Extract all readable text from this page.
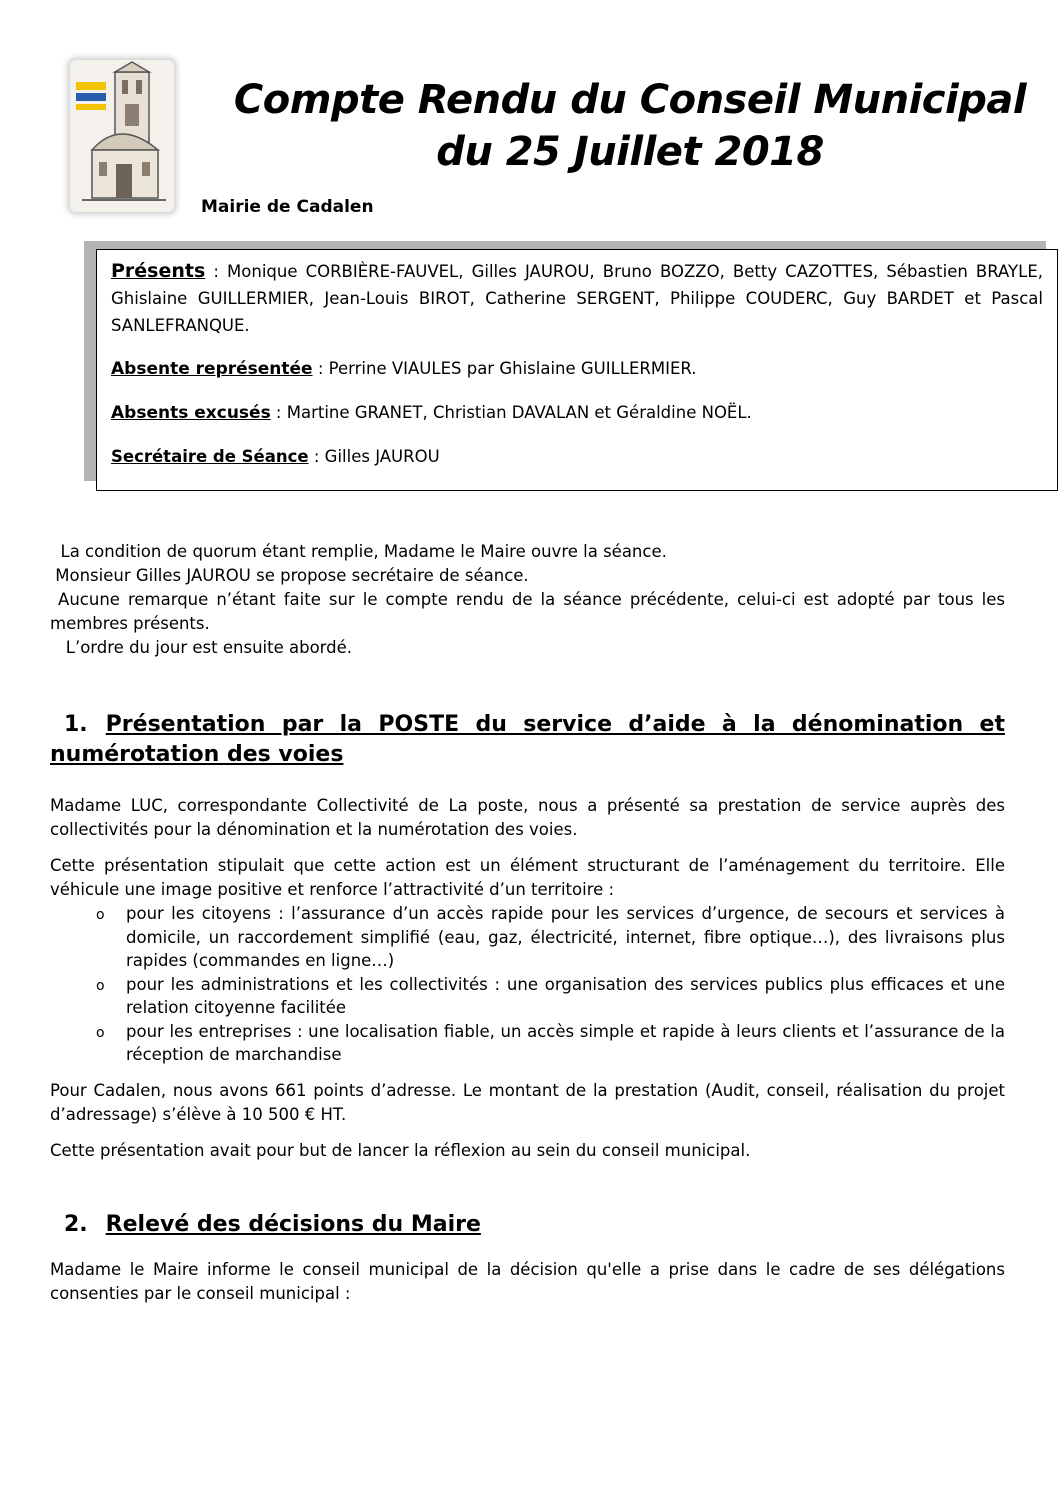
Compte Rendu du Conseil Municipal
du 25 Juillet 2018
Mairie de Cadalen

Présents : Monique CORBIÈRE-FAUVEL, Gilles JAUROU, Bruno BOZZO, Betty CAZOTTES, Sébastien BRAYLE, Ghislaine GUILLERMIER, Jean-Louis BIROT, Catherine SERGENT, Philippe COUDERC, Guy BARDET et Pascal SANLEFRANQUE.

Absente représentée : Perrine VIAULES par Ghislaine GUILLERMIER.

Absents excusés : Martine GRANET, Christian DAVALAN et Géraldine NOËL.

Secrétaire de Séance : Gilles JAUROU

La condition de quorum étant remplie, Madame le Maire ouvre la séance.
Monsieur Gilles JAUROU se propose secrétaire de séance.
Aucune remarque n’étant faite sur le compte rendu de la séance précédente, celui-ci est adopté par tous les membres présents.
L’ordre du jour est ensuite abordé.
1. Présentation par la POSTE du service d’aide à la dénomination et numérotation des voies

Madame LUC, correspondante Collectivité de La poste, nous a présenté sa prestation de service auprès des collectivités pour la dénomination et la numérotation des voies.

Cette présentation stipulait que cette action est un élément structurant de l’aménagement du territoire. Elle véhicule une image positive et renforce l’attractivité d’un territoire :

o pour les citoyens : l’assurance d’un accès rapide pour les services d’urgence, de secours et services à domicile, un raccordement simplifié (eau, gaz, électricité, internet, fibre optique…), des livraisons plus rapides (commandes en ligne…)
o pour les administrations et les collectivités : une organisation des services publics plus efficaces et une relation citoyenne facilitée
o pour les entreprises : une localisation fiable, un accès simple et rapide à leurs clients et l’assurance de la réception de marchandise

Pour Cadalen, nous avons 661 points d’adresse. Le montant de la prestation (Audit, conseil, réalisation du projet d’adressage) s’élève à 10 500 € HT.

Cette présentation avait pour but de lancer la réflexion au sein du conseil municipal.

2. Relevé des décisions du Maire

Madame le Maire informe le conseil municipal de la décision qu'elle a prise dans le cadre de ses délégations consenties par le conseil municipal :
